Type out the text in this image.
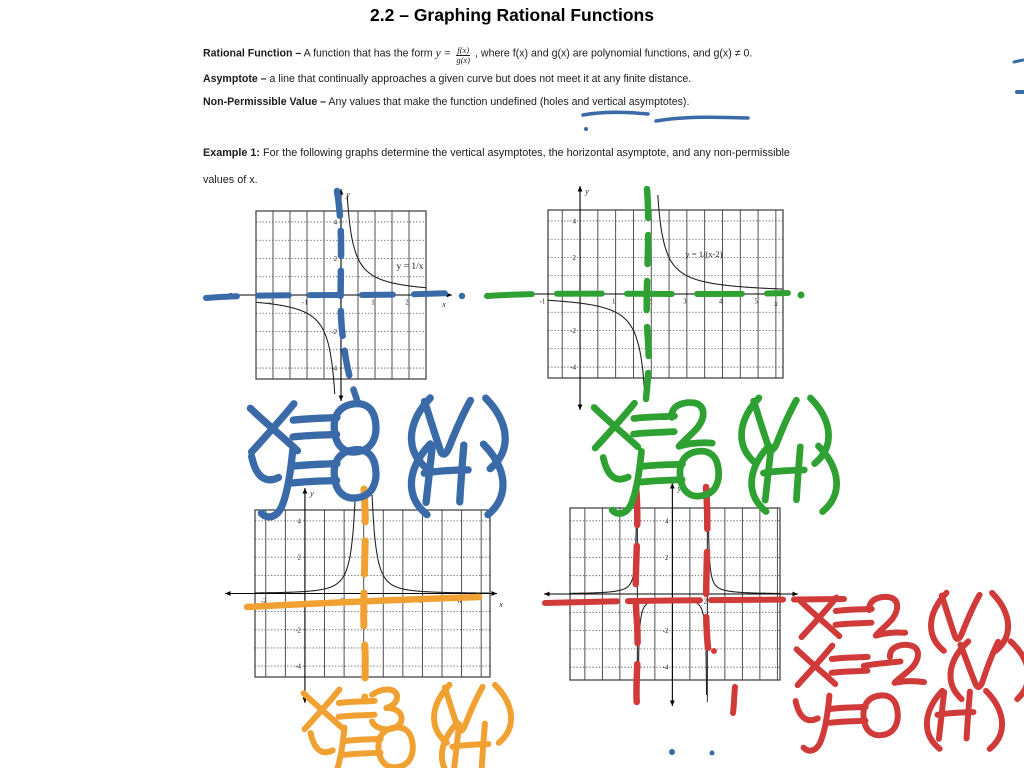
2.2 – Graphing Rational Functions
Rational Function – A function that has the form $y = \frac{f(x)}{g(x)}$ , where f(x) and g(x) are polynomial functions, and g(x) ≠ 0.
Asymptote – a line that continually approaches a given curve but does not meet it at any finite distance.
Non-Permissible Value – Any values that make the function undefined (holes and vertical asymptotes).
Example 1: For the following graphs determine the vertical asymptotes, the horizontal asymptote, and any non-permissible values of x.
x
y
-2	-1	1	2
4
2
-2
-4
y = 1/x
x
y
-1	1	2	3	4	5
4
2
-2
-4
y = 1/(x-2)
x
y
-2	2	4	6	8
4
2
-2
-4
x
y
-4	-2	2	4
4
2
-2
-4
